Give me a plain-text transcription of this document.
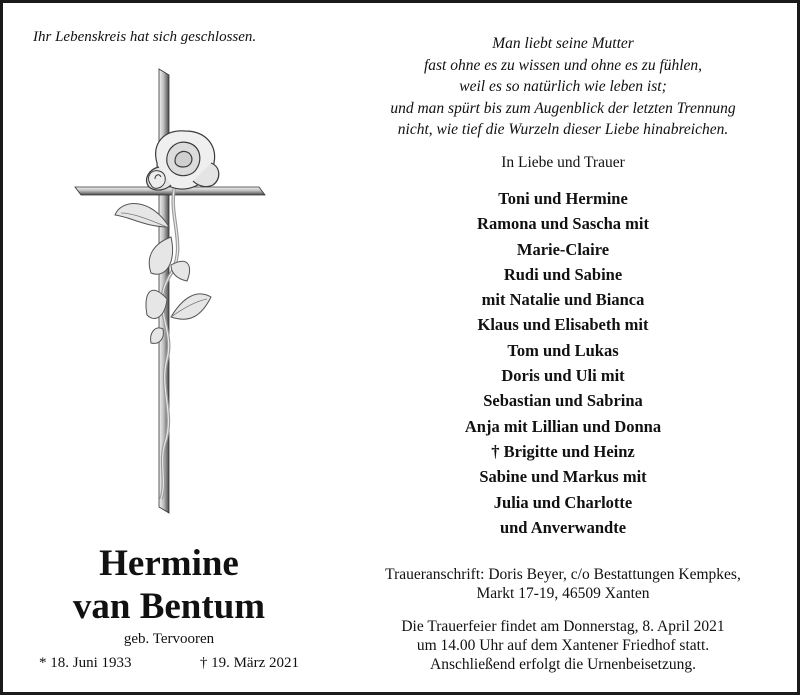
Ihr Lebenskreis hat sich geschlossen.
Hermine
van Bentum
geb. Tervooren
* 18. Juni 1933	† 19. März 2021
Man liebt seine Mutter
fast ohne es zu wissen und ohne es zu fühlen,
weil es so natürlich wie leben ist;
und man spürt bis zum Augenblick der letzten Trennung
nicht, wie tief die Wurzeln dieser Liebe hinabreichen.
In Liebe und Trauer
Toni und Hermine
Ramona und Sascha mit
Marie-Claire
Rudi und Sabine
mit Natalie und Bianca
Klaus und Elisabeth mit
Tom und Lukas
Doris und Uli mit
Sebastian und Sabrina
Anja mit Lillian und Donna
† Brigitte und Heinz
Sabine und Markus mit
Julia und Charlotte
und Anverwandte
Traueranschrift: Doris Beyer, c/o Bestattungen Kempkes,
Markt 17-19, 46509 Xanten
Die Trauerfeier findet am Donnerstag, 8. April 2021
um 14.00 Uhr auf dem Xantener Friedhof statt.
Anschließend erfolgt die Urnenbeisetzung.
